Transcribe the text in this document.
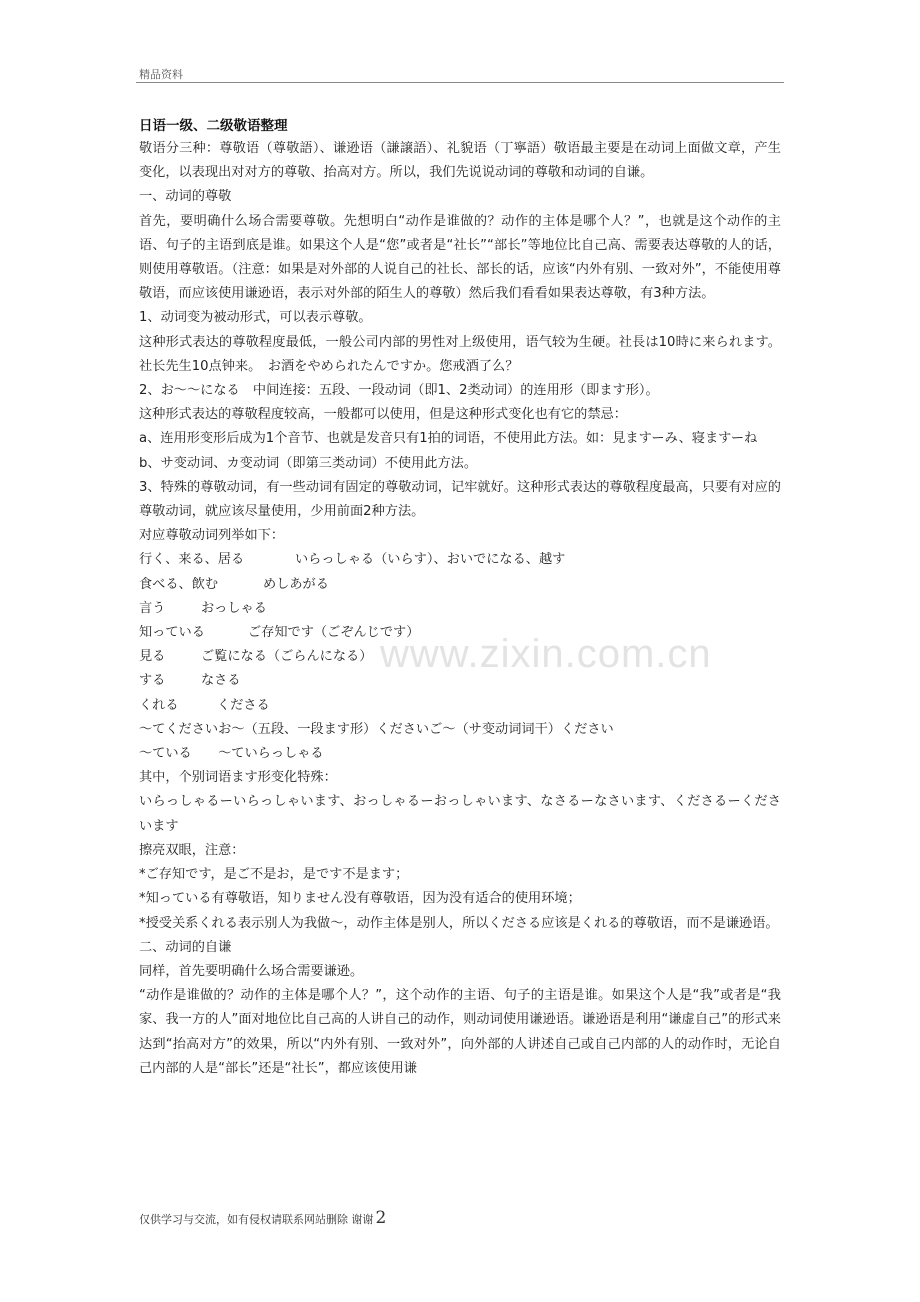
精品资料
日语一级、二级敬语整理

敬语分三种：尊敬语（尊敬語）、谦逊语（謙譲語）、礼貌语（丁寧語）敬语最主要是在动词上面做文章，产生变化，以表现出对对方的尊敬、抬高对方。所以，我们先说说动词的尊敬和动词的自谦。

一、动词的尊敬

首先，要明确什么场合需要尊敬。先想明白“动作是谁做的？动作的主体是哪个人？”，也就是这个动作的主语、句子的主语到底是谁。如果这个人是“您”或者是“社长”“部长”等地位比自己高、需要表达尊敬的人的话，则使用尊敬语。（注意：如果是对外部的人说自己的社长、部长的话，应该“内外有别、一致对外”，不能使用尊敬语，而应该使用谦逊语，表示对外部的陌生人的尊敬）然后我们看看如果表达尊敬，有3种方法。

1、动词变为被动形式，可以表示尊敬。

这种形式表达的尊敬程度最低，一般公司内部的男性对上级使用，语气较为生硬。社長は10時に来られます。社长先生10点钟来。　お酒をやめられたんですか。您戒酒了么？

2、お～～になる　中间连接：五段、一段动词（即1、2类动词）的连用形（即ます形）。

这种形式表达的尊敬程度较高，一般都可以使用，但是这种形式变化也有它的禁忌：

a、连用形变形后成为1个音节、也就是发音只有1拍的词语，不使用此方法。如：見ますーみ、寝ますーね

b、サ变动词、カ变动词（即第三类动词）不使用此方法。

3、特殊的尊敬动词，有一些动词有固定的尊敬动词，记牢就好。这种形式表达的尊敬程度最高，只要有对应的尊敬动词，就应该尽量使用，少用前面2种方法。

对应尊敬动词列举如下：

行く、来る、居る	いらっしゃる（いらす）、おいでになる、越す

食べる、飲む	めしあがる

言う	おっしゃる

知っている	ご存知です（ごぞんじです）

見る	ご覧になる（ごらんになる）

する	なさる

くれる	くださる

～てくださいお～（五段、一段ます形）くださいご～（サ变动词词干）ください

～ている　　～ていらっしゃる

其中，个别词语ます形变化特殊：

いらっしゃるーいらっしゃいます、おっしゃるーおっしゃいます、なさるーなさいます、くださるーくださいます

擦亮双眼，注意：

*ご存知です，是ご不是お，是です不是ます；

*知っている有尊敬语，知りません没有尊敬语，因为没有适合的使用环境；

*授受关系くれる表示别人为我做～，动作主体是别人，所以くださる应该是くれる的尊敬语，而不是谦逊语。

二、动词的自谦

同样，首先要明确什么场合需要谦逊。

“动作是谁做的？动作的主体是哪个人？”，这个动作的主语、句子的主语是谁。如果这个人是“我”或者是“我家、我一方的人”面对地位比自己高的人讲自己的动作，则动词使用谦逊语。谦逊语是利用“谦虚自己”的形式来达到“抬高对方”的效果，所以“内外有别、一致对外”，向外部的人讲述自己或自己内部的人的动作时，无论自己内部的人是“部长”还是“社长”，都应该使用谦

www.zixin.com.cn
仅供学习与交流，如有侵权请联系网站删除 谢谢 2
